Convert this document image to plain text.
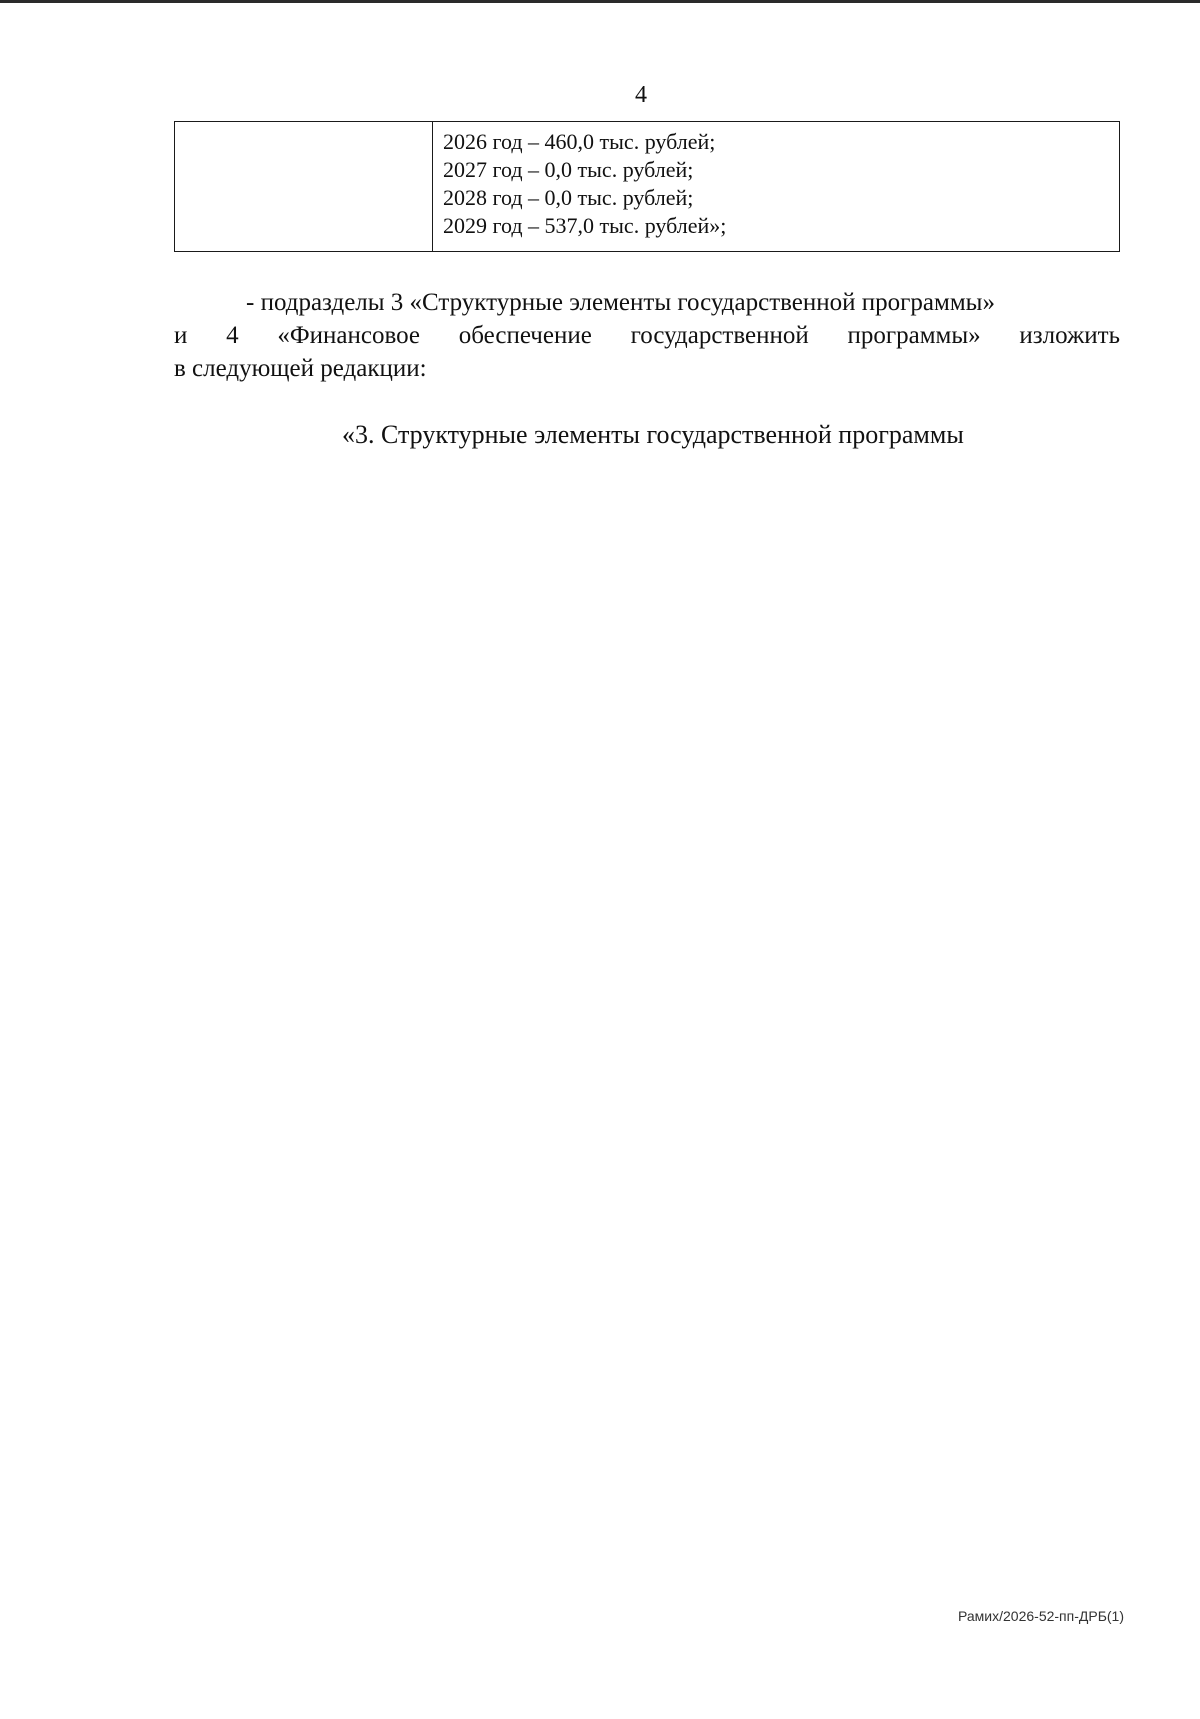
4
2026 год – 460,0 тыс. рублей;
2027 год – 0,0 тыс. рублей;
2028 год – 0,0 тыс. рублей;
2029 год – 537,0 тыс. рублей»;
- подразделы 3 «Структурные элементы государственной программы»
и 4 «Финансовое обеспечение государственной программы» изложить
в следующей редакции:
«3. Структурные элементы государственной программы
Рамих/2026-52-пп-ДРБ(1)
